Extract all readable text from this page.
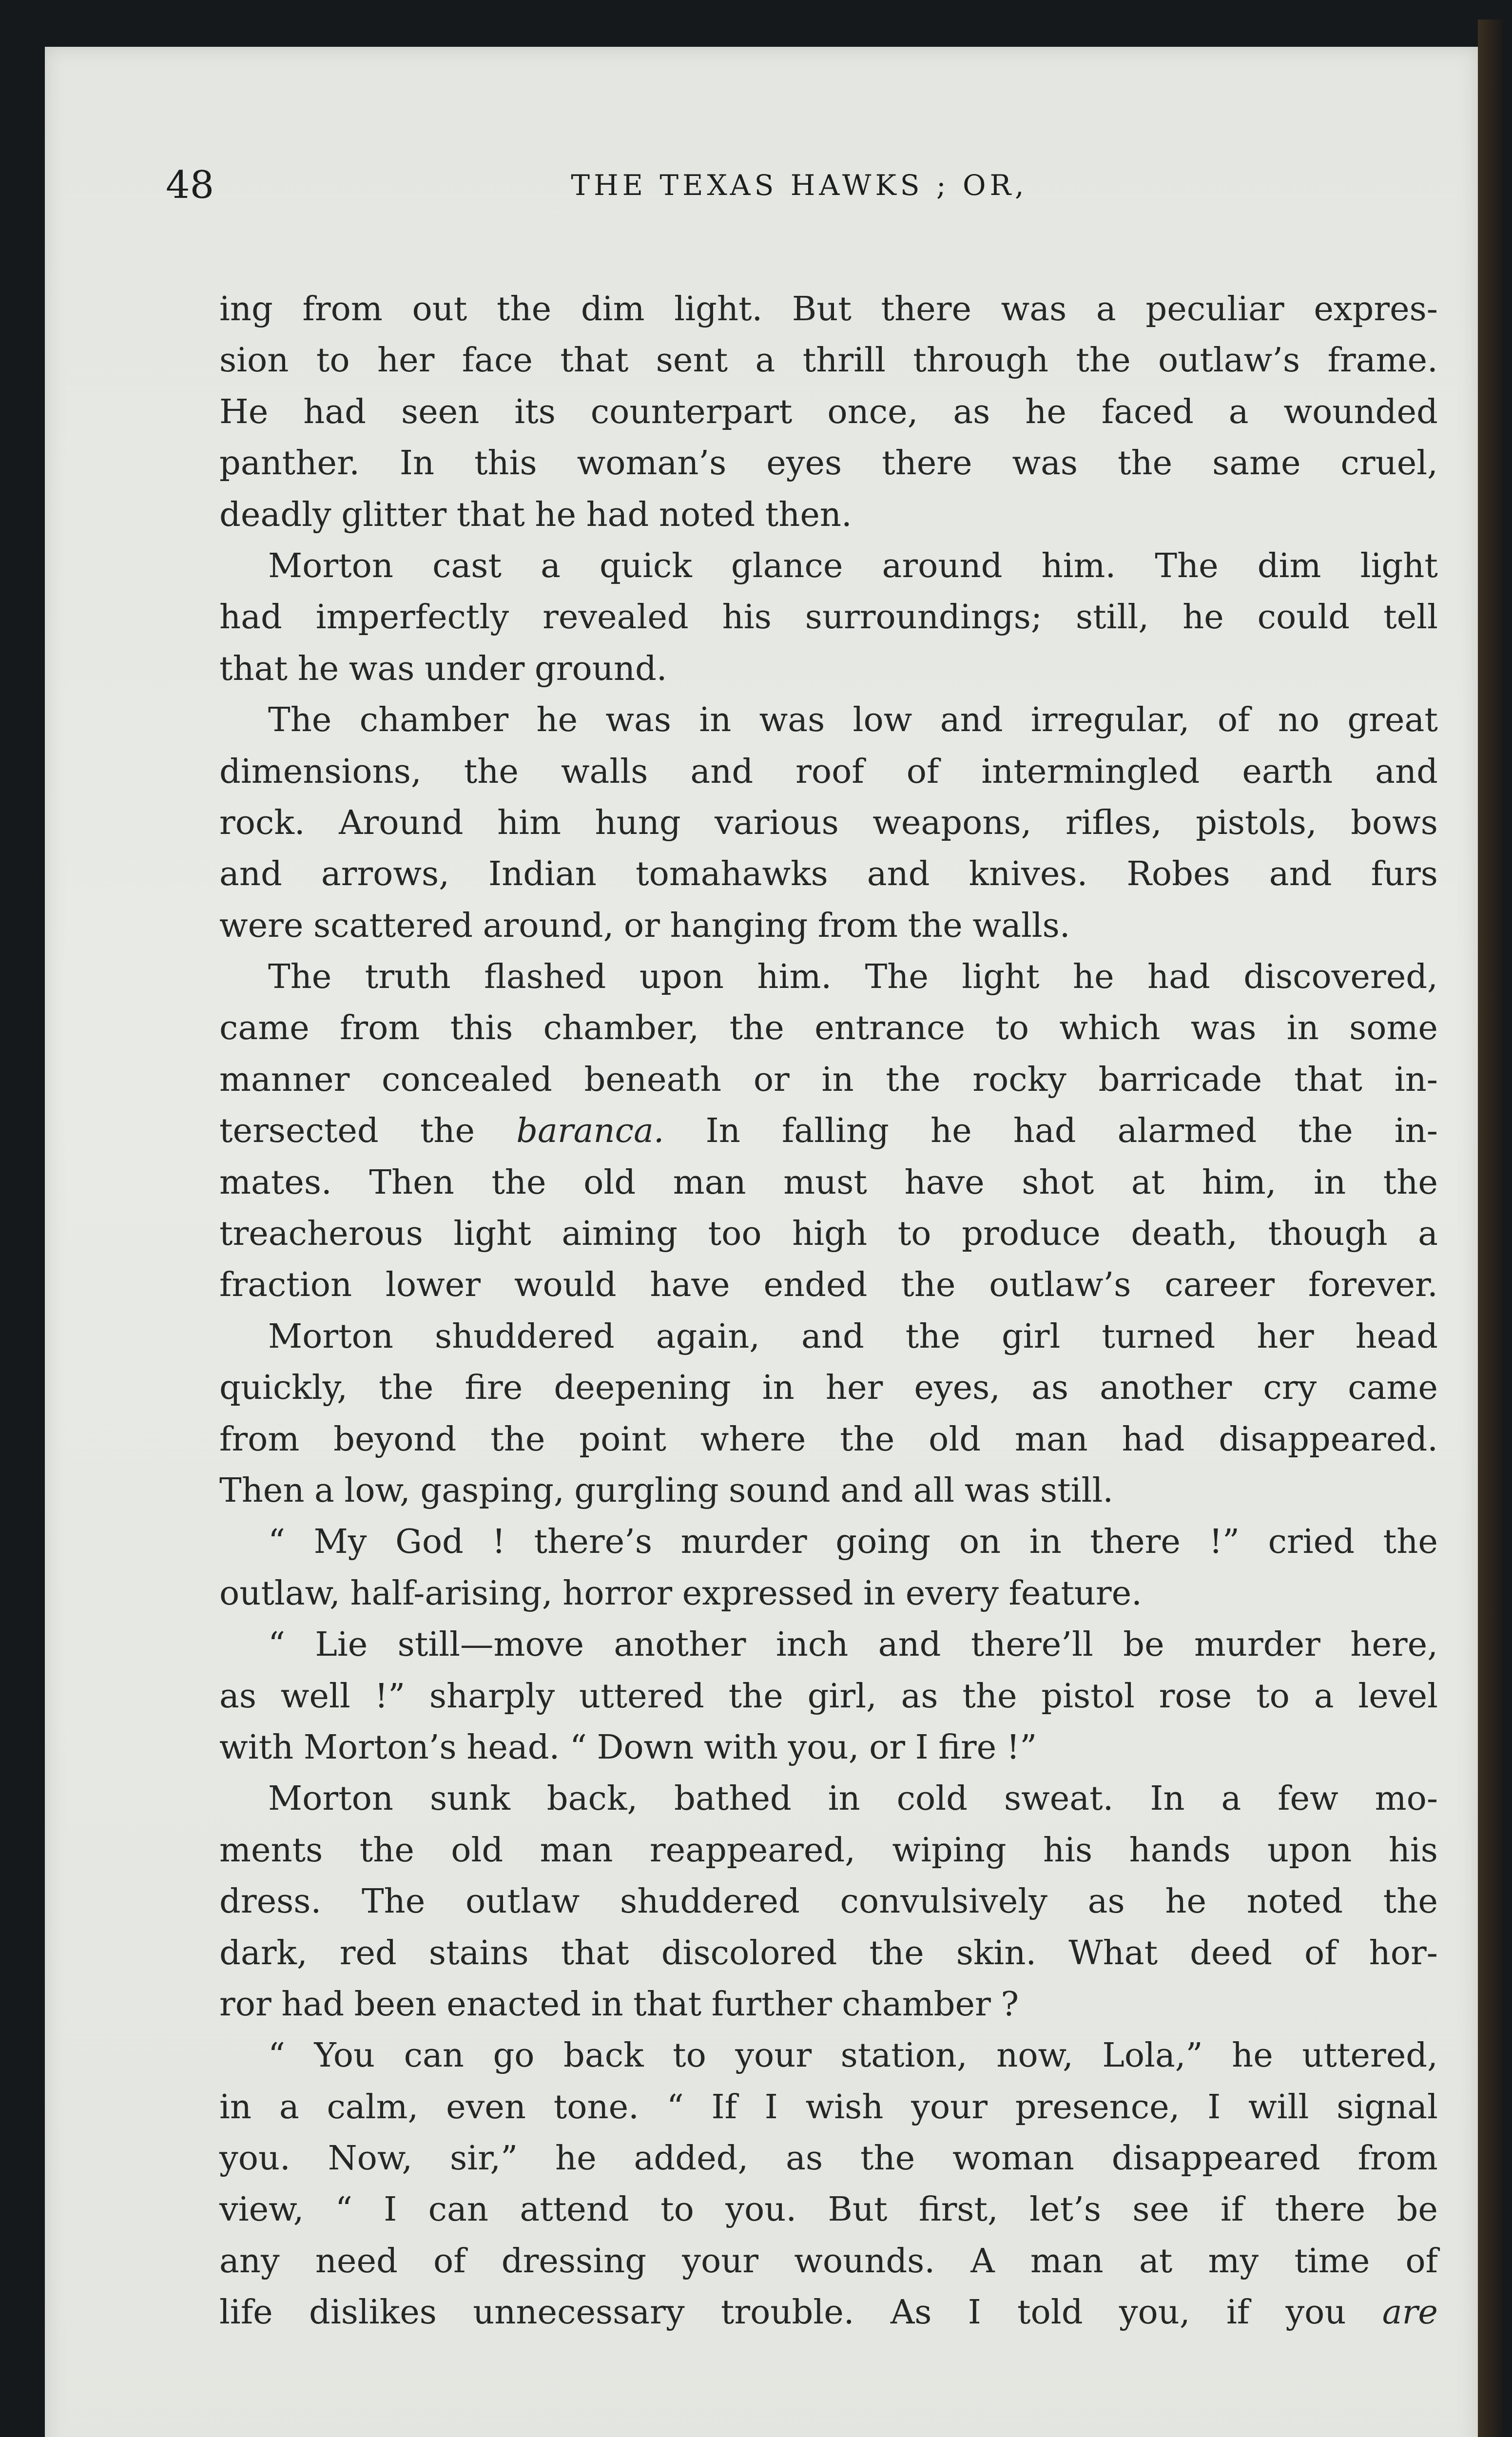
48	THE TEXAS HAWKS ; OR,
ing from out the dim light. But there was a peculiar expres-
sion to her face that sent a thrill through the outlaw’s frame.
He had seen its counterpart once, as he faced a wounded
panther. In this woman’s eyes there was the same cruel,
deadly glitter that he had noted then.
Morton cast a quick glance around him. The dim light
had imperfectly revealed his surroundings; still, he could tell
that he was under ground.
The chamber he was in was low and irregular, of no great
dimensions, the walls and roof of intermingled earth and
rock. Around him hung various weapons, rifles, pistols, bows
and arrows, Indian tomahawks and knives. Robes and furs
were scattered around, or hanging from the walls.
The truth flashed upon him. The light he had discovered,
came from this chamber, the entrance to which was in some
manner concealed beneath or in the rocky barricade that in-
tersected the baranca. In falling he had alarmed the in-
mates. Then the old man must have shot at him, in the
treacherous light aiming too high to produce death, though a
fraction lower would have ended the outlaw’s career forever.
Morton shuddered again, and the girl turned her head
quickly, the fire deepening in her eyes, as another cry came
from beyond the point where the old man had disappeared.
Then a low, gasping, gurgling sound and all was still.
“ My God ! there’s murder going on in there !” cried the
outlaw, half-arising, horror expressed in every feature.
“ Lie still—move another inch and there’ll be murder here,
as well !” sharply uttered the girl, as the pistol rose to a level
with Morton’s head. “ Down with you, or I fire !”
Morton sunk back, bathed in cold sweat. In a few mo-
ments the old man reappeared, wiping his hands upon his
dress. The outlaw shuddered convulsively as he noted the
dark, red stains that discolored the skin. What deed of hor-
ror had been enacted in that further chamber ?
“ You can go back to your station, now, Lola,” he uttered,
in a calm, even tone. “ If I wish your presence, I will signal
you. Now, sir,” he added, as the woman disappeared from
view, “ I can attend to you. But first, let’s see if there be
any need of dressing your wounds. A man at my time of
life dislikes unnecessary trouble. As I told you, if you are
